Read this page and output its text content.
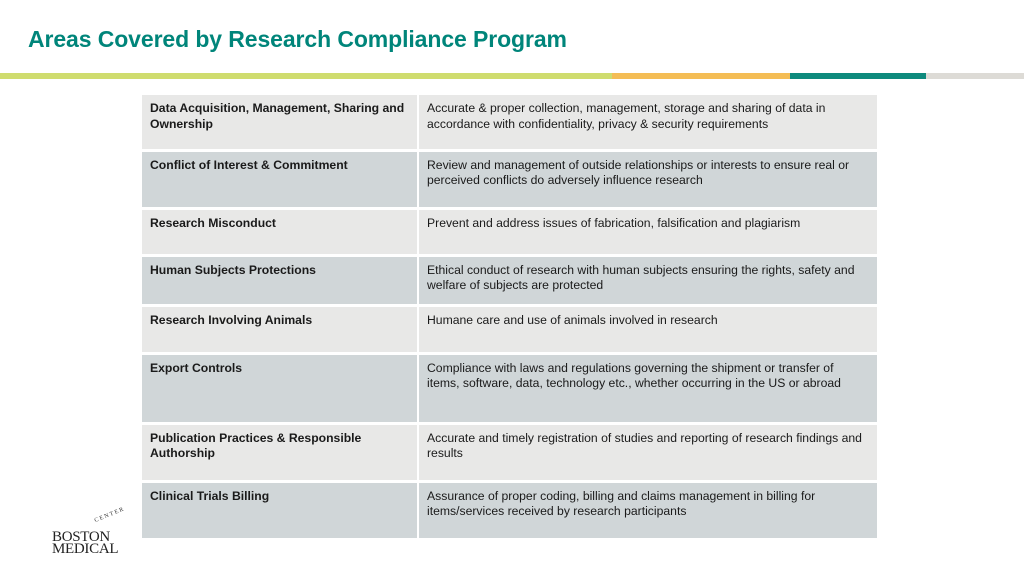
Areas Covered by Research Compliance Program
Data Acquisition, Management, Sharing and Ownership	Accurate & proper collection, management, storage and sharing of data in accordance with confidentiality, privacy & security requirements
Conflict of Interest & Commitment	Review and management of outside relationships or interests to ensure real or perceived conflicts do adversely influence research
Research Misconduct	Prevent and address issues of fabrication, falsification and plagiarism
Human Subjects Protections	Ethical conduct of research with human subjects ensuring the rights, safety and welfare of subjects are protected
Research Involving Animals	Humane care and use of animals involved in research
Export Controls	Compliance with laws and regulations governing the shipment or transfer of items, software, data, technology etc., whether occurring in the US or abroad
Publication Practices & Responsible Authorship	Accurate and timely registration of studies and reporting of research findings and results
Clinical Trials Billing	Assurance of proper coding, billing and claims management in billing for items/services received by research participants
CENTER
BOSTON
MEDICAL
